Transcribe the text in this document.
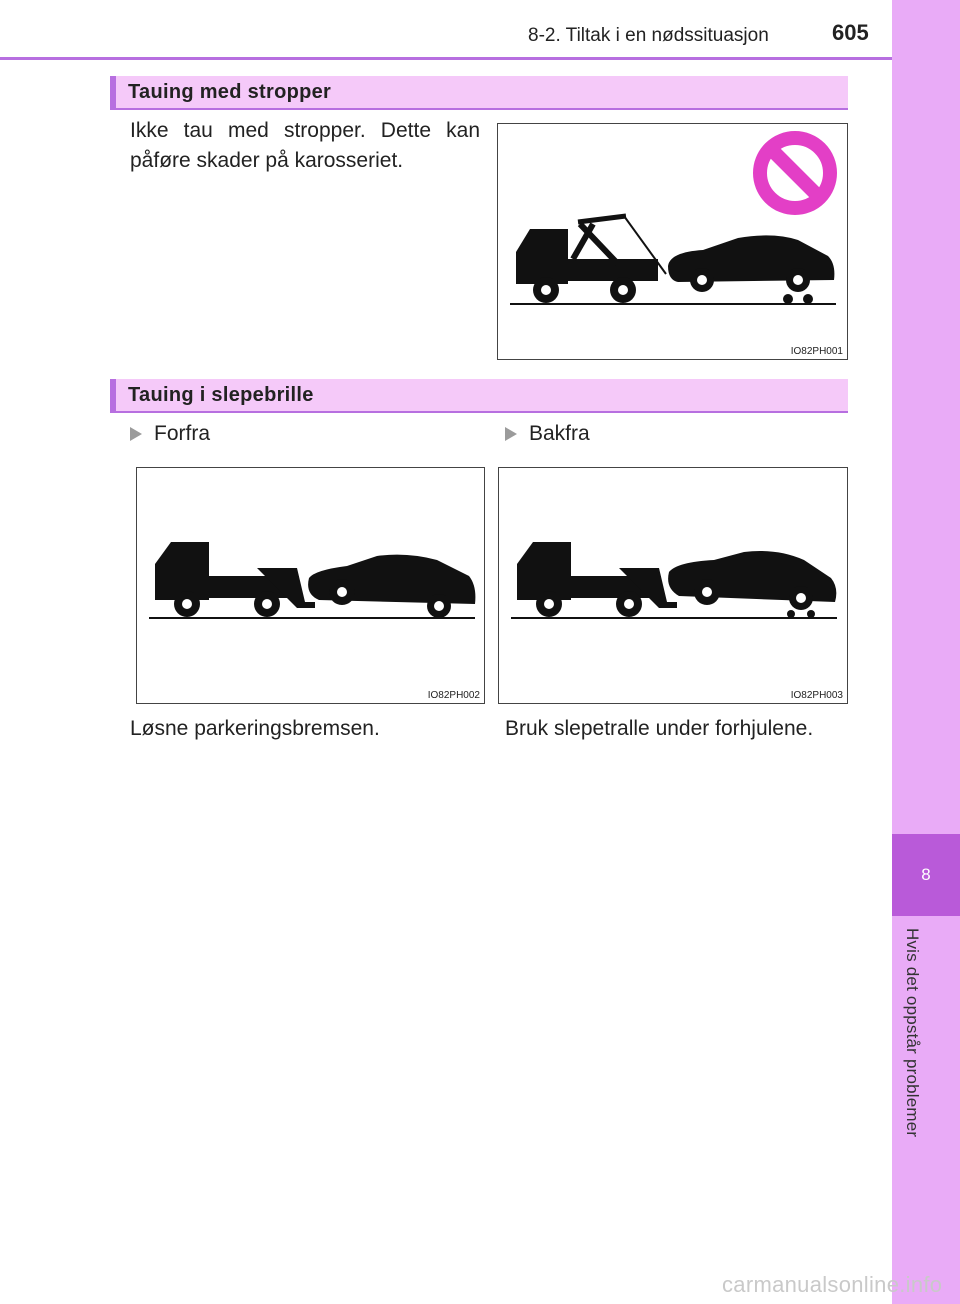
8-2. Tiltak i en nødssituasjon	605
8
Hvis det oppstår problemer
Tauing med stropper
Ikke tau med stropper. Dette kan påføre skader på karosseriet.
IO82PH001
Tauing i slepebrille
Forfra	Bakfra
IO82PH002	IO82PH003
Løsne parkeringsbremsen.	Bruk slepetralle under forhjulene.
carmanualsonline.info
